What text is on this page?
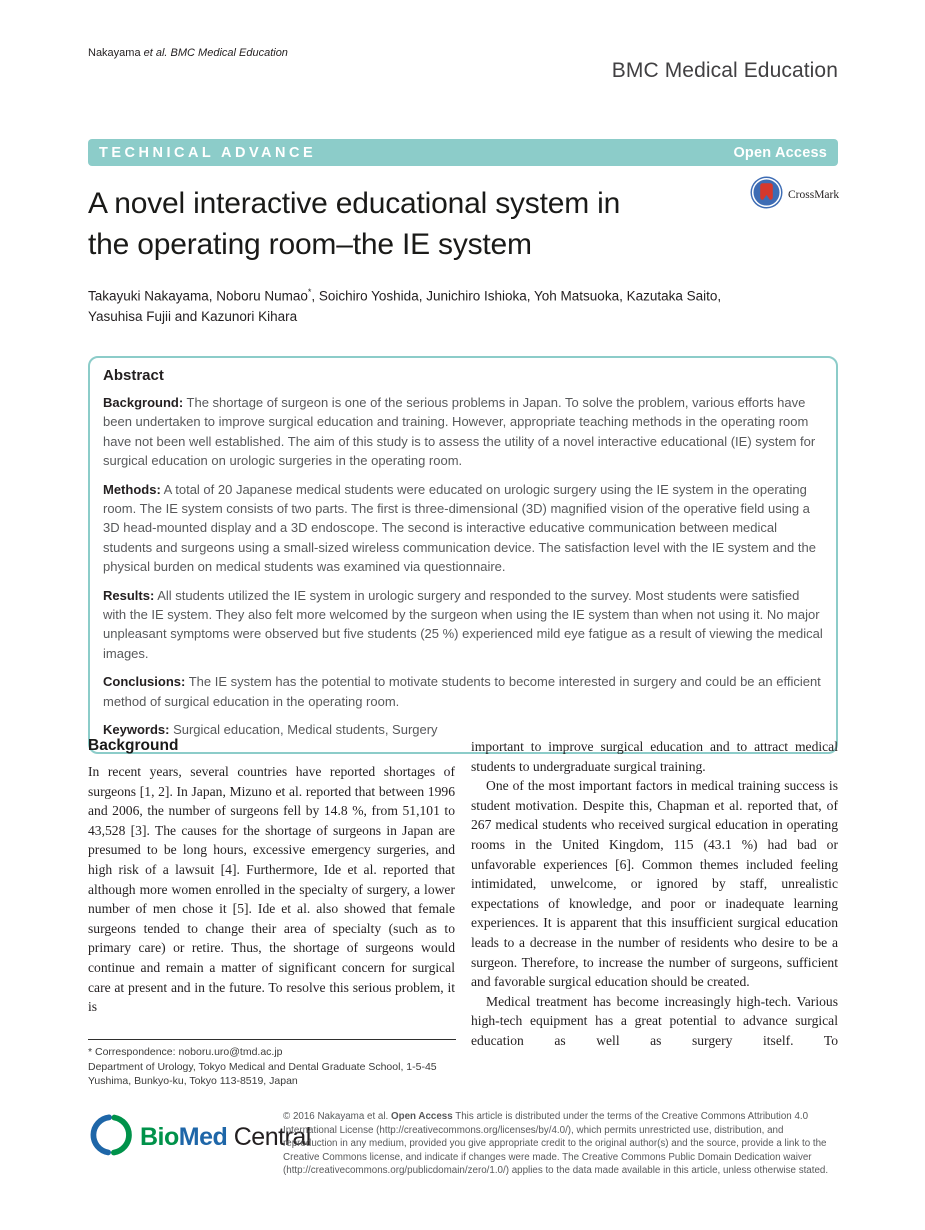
Nakayama et al. BMC Medical Education
BMC Medical Education
TECHNICAL ADVANCE	Open Access
A novel interactive educational system in
the operating room–the IE system
CrossMark
Takayuki Nakayama, Noboru Numao*, Soichiro Yoshida, Junichiro Ishioka, Yoh Matsuoka, Kazutaka Saito,
Yasuhisa Fujii and Kazunori Kihara
Abstract

Background: The shortage of surgeon is one of the serious problems in Japan. To solve the problem, various efforts have been undertaken to improve surgical education and training. However, appropriate teaching methods in the operating room have not been well established. The aim of this study is to assess the utility of a novel interactive educational (IE) system for surgical education on urologic surgeries in the operating room.

Methods: A total of 20 Japanese medical students were educated on urologic surgery using the IE system in the operating room. The IE system consists of two parts. The first is three-dimensional (3D) magnified vision of the operative field using a 3D head-mounted display and a 3D endoscope. The second is interactive educative communication between medical students and surgeons using a small-sized wireless communication device. The satisfaction level with the IE system and the physical burden on medical students was examined via questionnaire.

Results: All students utilized the IE system in urologic surgery and responded to the survey. Most students were satisfied with the IE system. They also felt more welcomed by the surgeon when using the IE system than when not using it. No major unpleasant symptoms were observed but five students (25 %) experienced mild eye fatigue as a result of viewing the medical images.

Conclusions: The IE system has the potential to motivate students to become interested in surgery and could be an efficient method of surgical education in the operating room.

Keywords: Surgical education, Medical students, Surgery

Background

In recent years, several countries have reported shortages of surgeons [1, 2]. In Japan, Mizuno et al. reported that between 1996 and 2006, the number of surgeons fell by 14.8 %, from 51,101 to 43,528 [3]. The causes for the shortage of surgeons in Japan are presumed to be long hours, excessive emergency surgeries, and high risk of a lawsuit [4]. Furthermore, Ide et al. reported that although more women enrolled in the specialty of surgery, a lower number of men chose it [5]. Ide et al. also showed that female surgeons tended to change their area of specialty (such as to primary care) or retire. Thus, the shortage of surgeons would continue and remain a matter of significant concern for surgical care at present and in the future. To resolve this serious problem, it is

important to improve surgical education and to attract medical students to undergraduate surgical training.

One of the most important factors in medical training success is student motivation. Despite this, Chapman et al. reported that, of 267 medical students who received surgical education in operating rooms in the United Kingdom, 115 (43.1 %) had bad or unfavorable experiences [6]. Common themes included feeling intimidated, unwelcome, or ignored by staff, unrealistic expectations of knowledge, and poor or inadequate learning experiences. It is apparent that this insufficient surgical education leads to a decrease in the number of residents who desire to be a surgeon. Therefore, to increase the number of surgeons, sufficient and favorable surgical education should be created.

Medical treatment has become increasingly high-tech. Various high-tech equipment has a great potential to advance surgical education as well as surgery itself. To

* Correspondence: noboru.uro@tmd.ac.jp
Department of Urology, Tokyo Medical and Dental Graduate School, 1-5-45 Yushima, Bunkyo-ku, Tokyo 113-8519, Japan
BioMed Central
© 2016 Nakayama et al. Open Access This article is distributed under the terms of the Creative Commons Attribution 4.0 International License (http://creativecommons.org/licenses/by/4.0/), which permits unrestricted use, distribution, and reproduction in any medium, provided you give appropriate credit to the original author(s) and the source, provide a link to the Creative Commons license, and indicate if changes were made. The Creative Commons Public Domain Dedication waiver (http://creativecommons.org/publicdomain/zero/1.0/) applies to the data made available in this article, unless otherwise stated.
